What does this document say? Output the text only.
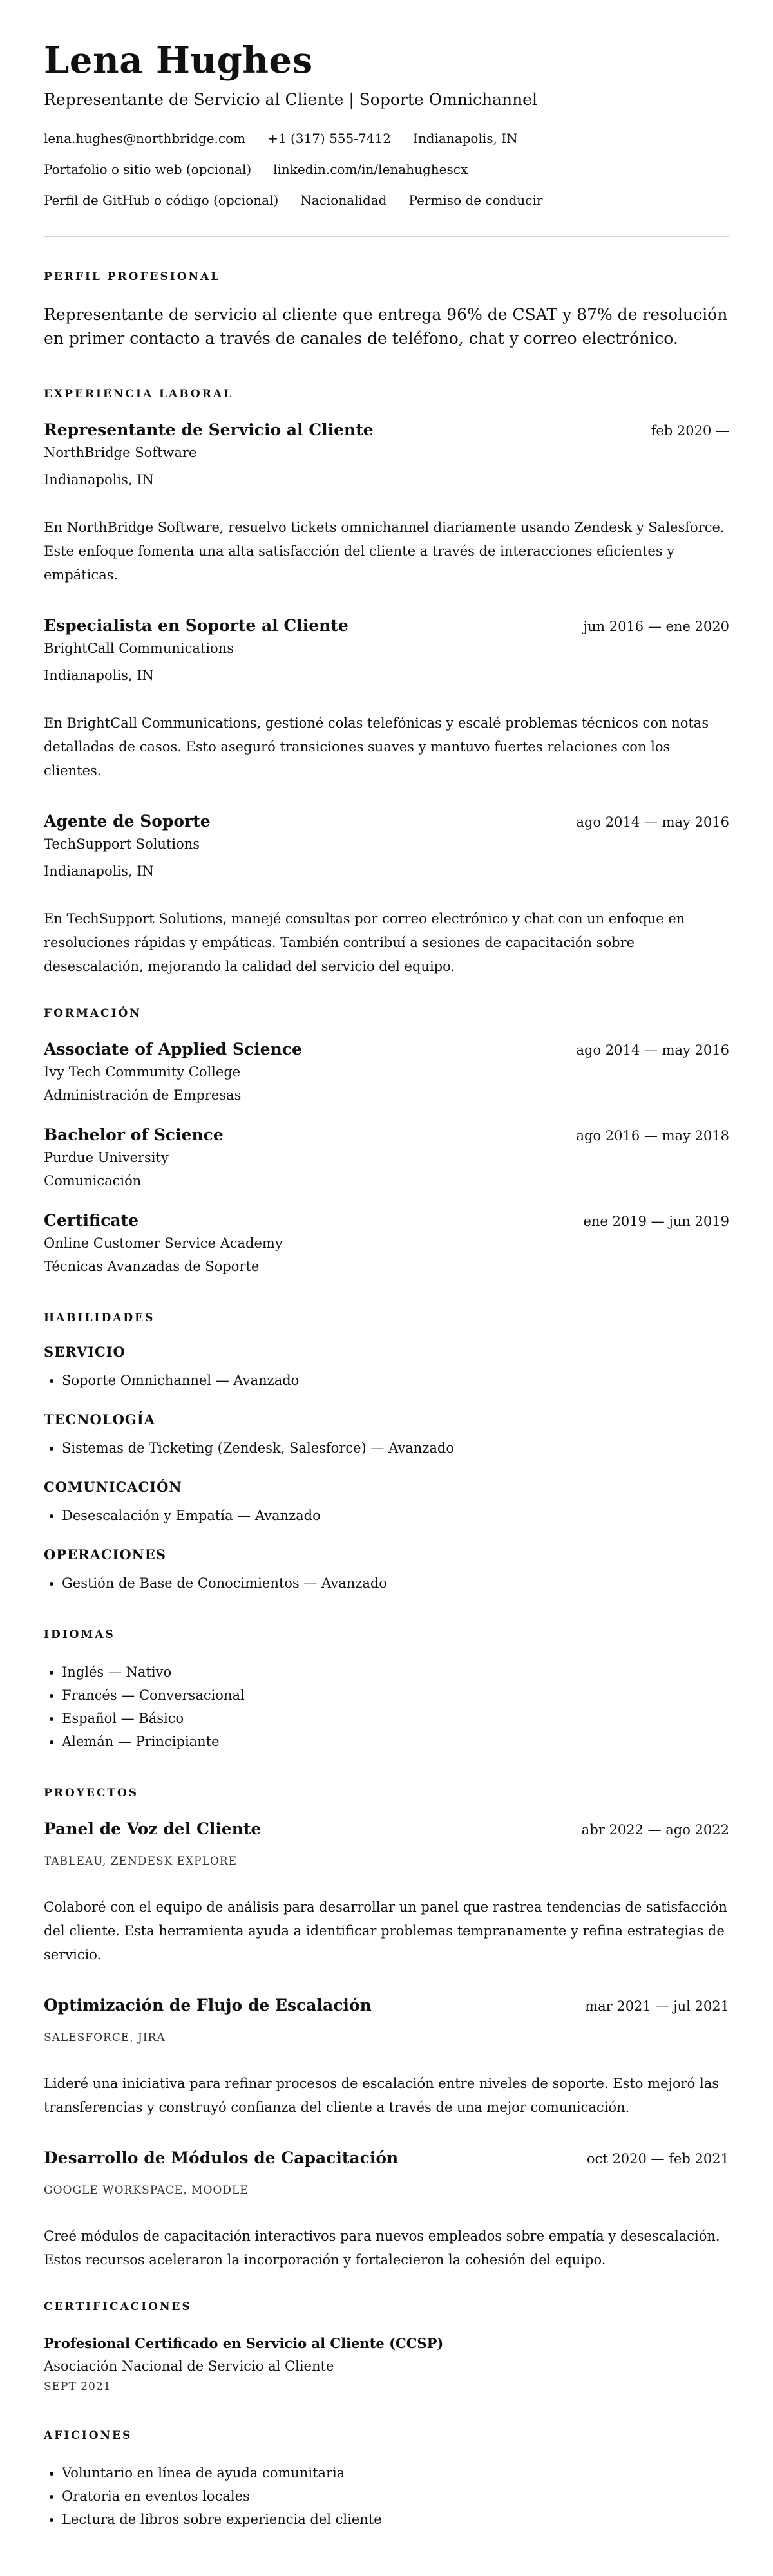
Lena Hughes
Representante de Servicio al Cliente | Soporte Omnichannel
lena.hughes@northbridge.com +1 (317) 555-7412 Indianapolis, IN
Portafolio o sitio web (opcional) linkedin.com/in/lenahughescx
Perfil de GitHub o código (opcional) Nacionalidad Permiso de conducir
PERFIL PROFESIONAL

Representante de servicio al cliente que entrega 96% de CSAT y 87% de resolución en primer contacto a través de canales de teléfono, chat y correo electrónico.

EXPERIENCIA LABORAL
Representante de Servicio al Cliente	feb 2020 —
NorthBridge Software
Indianapolis, IN

En NorthBridge Software, resuelvo tickets omnichannel diariamente usando Zendesk y Salesforce. Este enfoque fomenta una alta satisfacción del cliente a través de interacciones eficientes y empáticas.

Especialista en Soporte al Cliente	jun 2016 — ene 2020
BrightCall Communications
Indianapolis, IN

En BrightCall Communications, gestioné colas telefónicas y escalé problemas técnicos con notas detalladas de casos. Esto aseguró transiciones suaves y mantuvo fuertes relaciones con los clientes.

Agente de Soporte	ago 2014 — may 2016
TechSupport Solutions
Indianapolis, IN

En TechSupport Solutions, manejé consultas por correo electrónico y chat con un enfoque en resoluciones rápidas y empáticas. También contribuí a sesiones de capacitación sobre desescalación, mejorando la calidad del servicio del equipo.

FORMACIÓN
Associate of Applied Science	ago 2014 — may 2016
Ivy Tech Community College
Administración de Empresas
Bachelor of Science	ago 2016 — may 2018
Purdue University
Comunicación
Certificate	ene 2019 — jun 2019
Online Customer Service Academy
Técnicas Avanzadas de Soporte
HABILIDADES
SERVICIO
• Soporte Omnichannel — Avanzado
TECNOLOGÍA
• Sistemas de Ticketing (Zendesk, Salesforce) — Avanzado
COMUNICACIÓN
• Desescalación y Empatía — Avanzado
OPERACIONES
• Gestión de Base de Conocimientos — Avanzado
IDIOMAS
• Inglés — Nativo
• Francés — Conversacional
• Español — Básico
• Alemán — Principiante
PROYECTOS
Panel de Voz del Cliente	abr 2022 — ago 2022
TABLEAU, ZENDESK EXPLORE

Colaboré con el equipo de análisis para desarrollar un panel que rastrea tendencias de satisfacción del cliente. Esta herramienta ayuda a identificar problemas tempranamente y refina estrategias de servicio.

Optimización de Flujo de Escalación	mar 2021 — jul 2021
SALESFORCE, JIRA

Lideré una iniciativa para refinar procesos de escalación entre niveles de soporte. Esto mejoró las transferencias y construyó confianza del cliente a través de una mejor comunicación.

Desarrollo de Módulos de Capacitación	oct 2020 — feb 2021
GOOGLE WORKSPACE, MOODLE

Creé módulos de capacitación interactivos para nuevos empleados sobre empatía y desescalación. Estos recursos aceleraron la incorporación y fortalecieron la cohesión del equipo.

CERTIFICACIONES
Profesional Certificado en Servicio al Cliente (CCSP)
Asociación Nacional de Servicio al Cliente
SEPT 2021
AFICIONES
• Voluntario en línea de ayuda comunitaria
• Oratoria en eventos locales
• Lectura de libros sobre experiencia del cliente
